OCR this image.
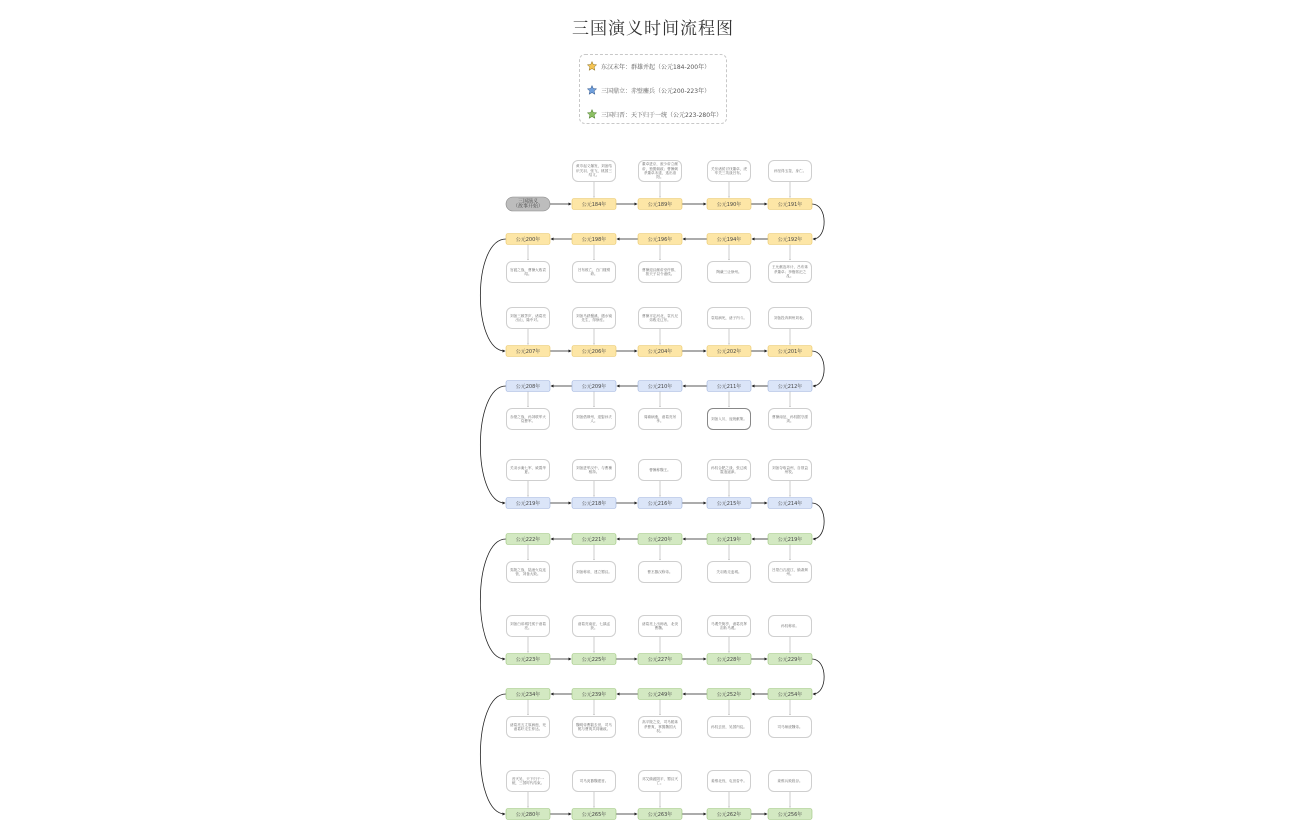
三国演义时间流程图
东汉末年：群雄并起（公元184-200年）
三国鼎立：赤壁鏖兵（公元200-223年）
三国归晋：天下归于一统（公元223-280年）
三国演义
（故事开始）	公元184年	公元189年	公元190年	公元191年
公元200年	公元198年	公元196年	公元194年	公元192年
公元207年	公元206年	公元204年	公元202年	公元201年
公元208年	公元209年	公元210年	公元211年	公元212年
公元219年	公元218年	公元216年	公元215年	公元214年
公元222年	公元221年	公元220年	公元219年	公元219年
公元223年	公元225年	公元227年	公元228年	公元229年
公元234年	公元239年	公元249年	公元252年	公元254年
公元280年	公元265年	公元263年	公元262年	公元256年
黄巾起义爆发，刘备结识关羽、张飞，桃园三结义。
董卓进京，废少帝立献帝，独揽朝政；曹操刺杀董卓未遂，逃出洛阳。
关东诸侯讨伐董卓，虎牢关三英战吕布。
孙坚得玉玺，身亡。
官渡之战，曹操大败袁绍。
吕布败亡，白门楼殒命。
曹操迎汉献帝至许都，挟天子以令诸侯。
陶谦三让徐州。
王允献连环计，吕布诛杀董卓；李傕郭汜之乱。
刘备三顾茅庐，诸葛亮出山，隆中对。
刘备马跃檀溪，遇水镜先生，得徐庶。
曹操平定河北，袁氏兄弟败走辽东。
袁绍病死，诸子内斗。	刘备投奔荆州刘表。
赤壁之战，孙刘联军火烧曹军。
刘备借荆州，迎娶孙夫人。
周瑜病逝，诸葛亮吊孝。
刘备入川，庞统献策。
曹操南征，孙权据守濡须。
关羽水淹七军，威震华夏。
刘备进军汉中，与曹操相持。
曹操称魏王。
孙权合肥之战，张辽威震逍遥津。
刘备夺取益州，自领益州牧。
夷陵之战，陆逊火烧连营，刘备大败。
刘备称帝，建立蜀汉。	曹丕篡汉称帝。	关羽败走麦城。
吕蒙白衣渡江，偷袭荆州。
刘备白帝城托孤于诸葛亮。
诸葛亮南征，七擒孟获。
诸葛亮上出师表，北伐曹魏。
马谡失街亭，诸葛亮挥泪斩马谡。
孙权称帝。
诸葛亮五丈原病逝，死诸葛吓走生仲达。
魏明帝曹叡去世，司马懿与曹爽共同辅政。
高平陵之变，司马懿诛杀曹爽，掌握魏国大权。
孙权去世，吴国内乱。	司马师废魏帝。
晋灭吴，天下归于一统，三国时代结束。
司马炎篡魏建晋。
邓艾偷渡阴平，蜀汉灭亡。
姜维北伐，屯田沓中。	姜维兵败段谷。
